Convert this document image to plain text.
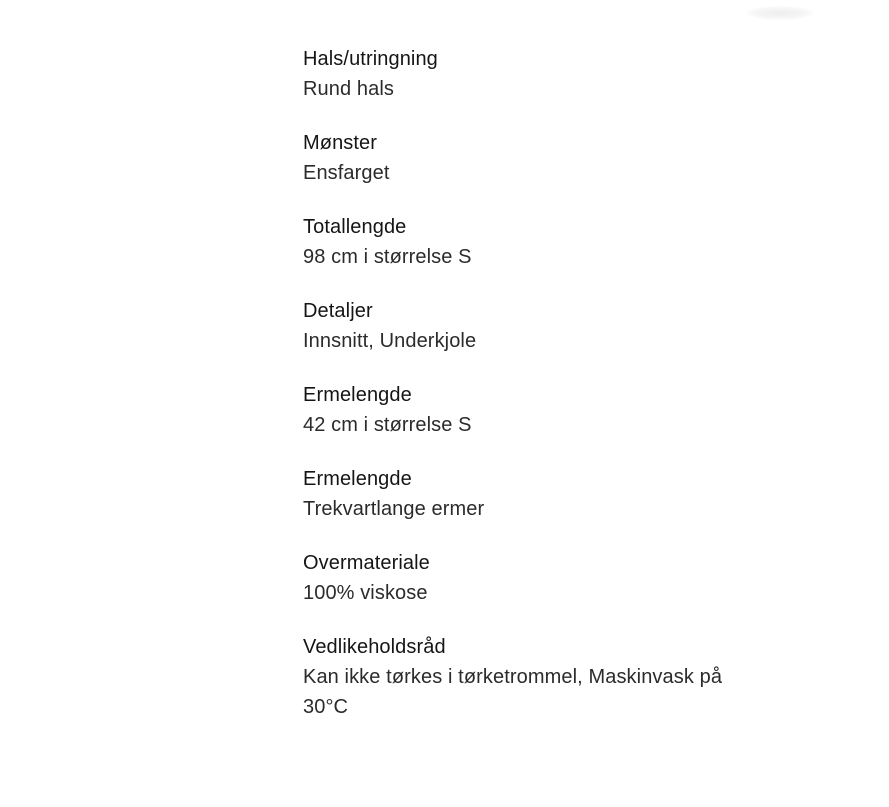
Hals/utringning
Rund hals
Mønster
Ensfarget
Totallengde
98 cm i størrelse S
Detaljer
Innsnitt, Underkjole
Ermelengde
42 cm i størrelse S
Ermelengde
Trekvartlange ermer
Overmateriale
100% viskose
Vedlikeholdsråd
Kan ikke tørkes i tørketrommel, Maskinvask på 30°C
